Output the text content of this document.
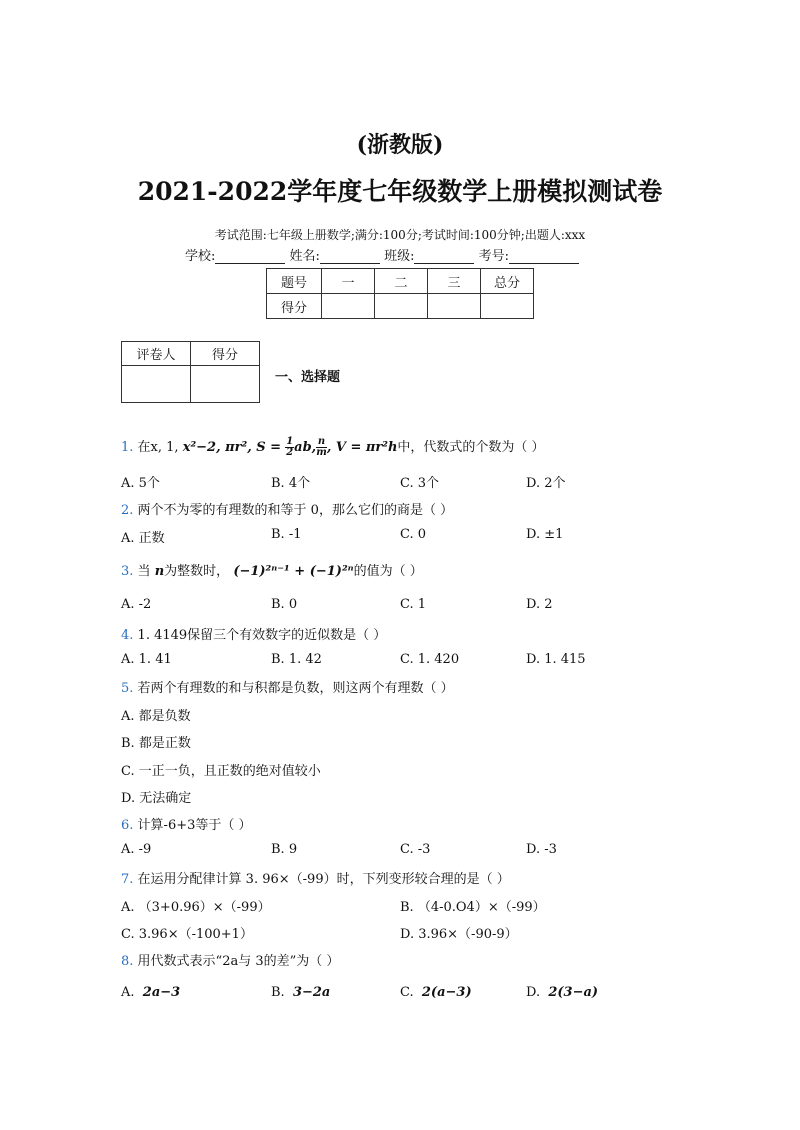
(浙教版)
2021-2022学年度七年级数学上册模拟测试卷
考试范围:七年级上册数学;满分:100分;考试时间:100分钟;出题人:xxx
学校:	姓名:	班级:	考号:
题号	一	二	三	总分
得分				
评卷人	得分

一、选择题
1. 在x, 1, x²−2, πr², $S = \frac{1}{2}$ ab, $\frac{n}{m}$ , V = πr²h中，代数式的个数为（ ）
A. 5个	B. 4个	C. 3个	D. 2个
2. 两个不为零的有理数的和等于 0，那么它们的商是（ ）
A. 正数	B. -1	C. 0	D. ±1
3. 当 n为整数时， (−1)²ⁿ⁻¹ + (−1)²ⁿ的值为（ ）
A. -2	B. 0	C. 1	D. 2
4. 1. 4149保留三个有效数字的近似数是（ ）
A. 1. 41	B. 1. 42	C. 1. 420	D. 1. 415
5. 若两个有理数的和与积都是负数，则这两个有理数（ ）
A. 都是负数
B. 都是正数
C. 一正一负，且正数的绝对值较小
D. 无法确定
6. 计算-6+3等于（ ）
A. -9	B. 9	C. -3	D. -3
7. 在运用分配律计算 3. 96×（-99）时，下列变形较合理的是（ ）
A. （3+0.96）×（-99）	B. （4-0.O4）×（-99）
C. 3.96×（-100+1）	D. 3.96×（-90-9）
8. 用代数式表示“2a与 3的差”为（ ）
A. 2a−3	B. 3−2a	C. 2(a−3)	D. 2(3−a)
